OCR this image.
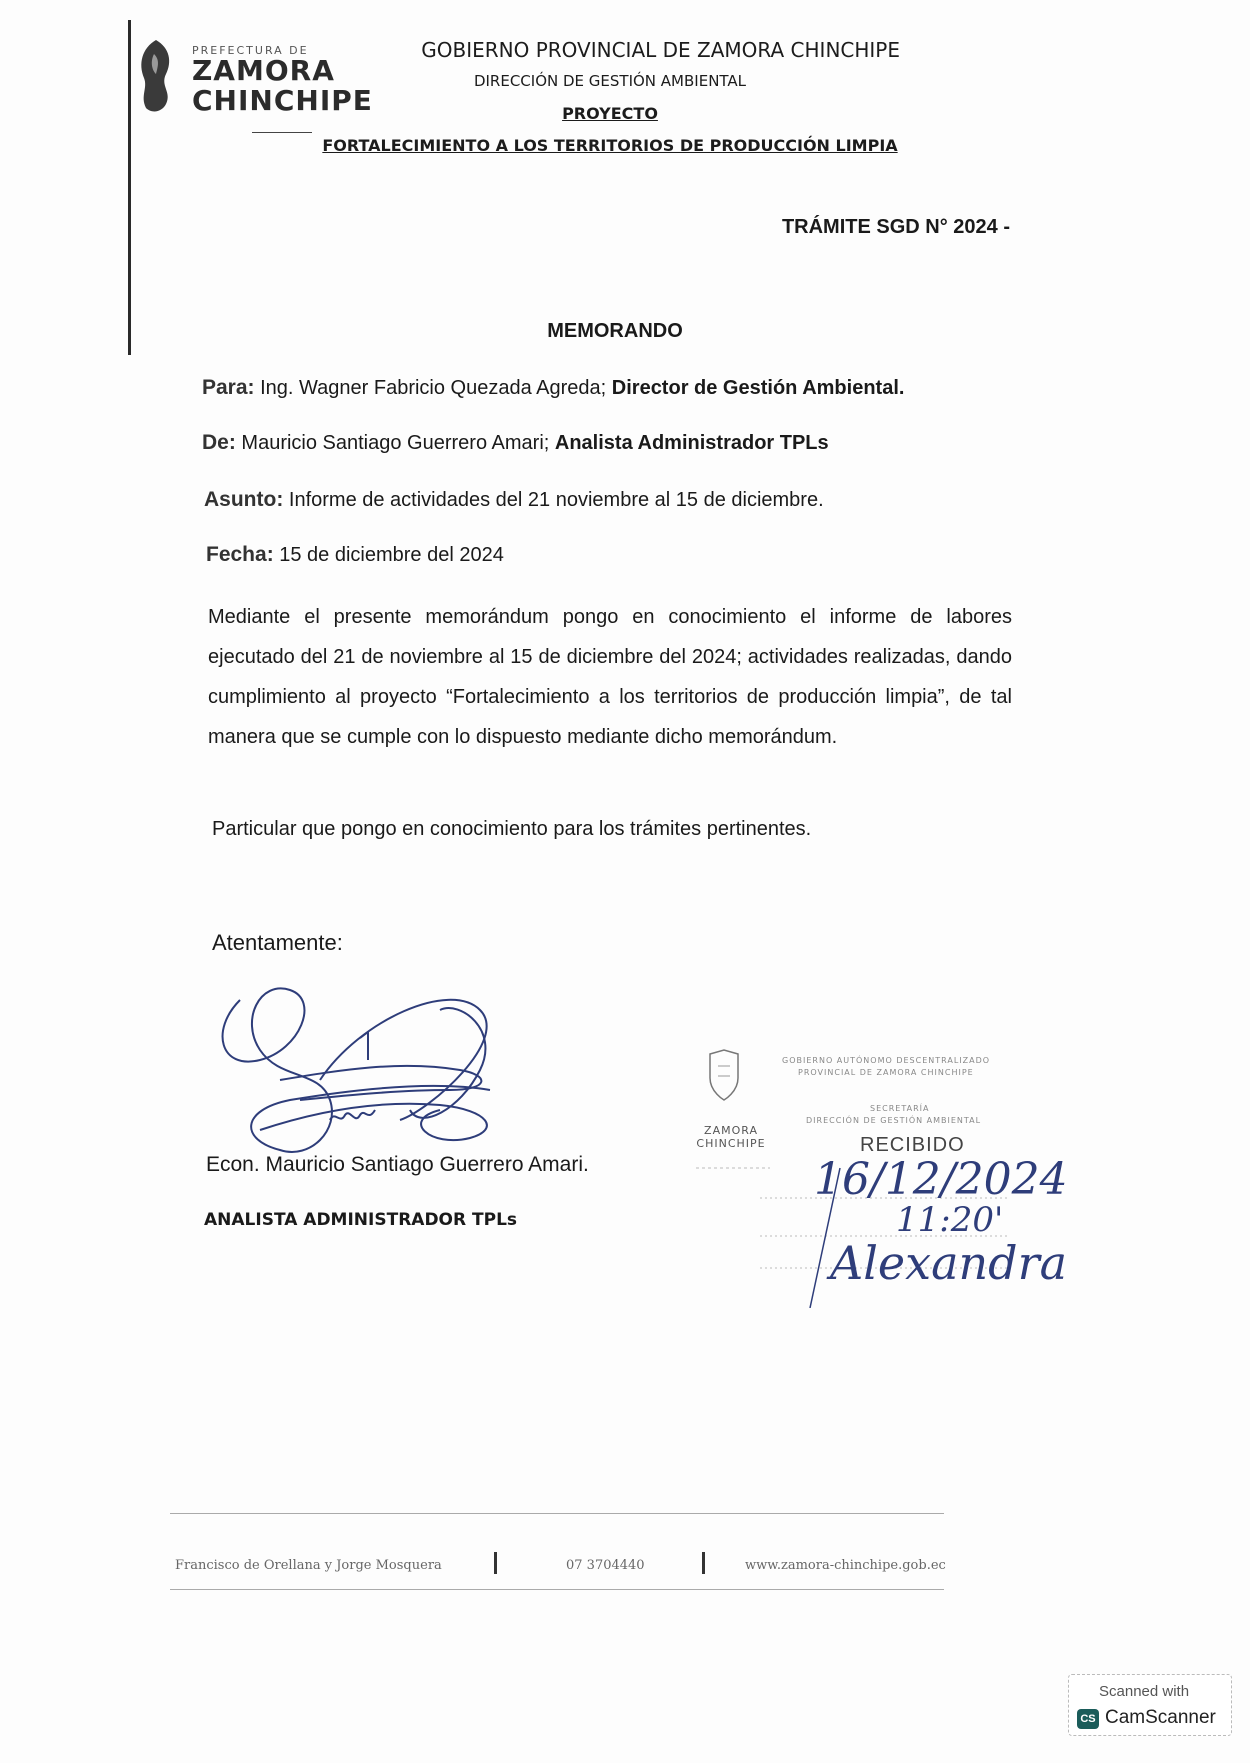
PREFECTURA DE
ZAMORA
CHINCHIPE
GOBIERNO PROVINCIAL DE ZAMORA CHINCHIPE
DIRECCIÓN DE GESTIÓN AMBIENTAL
PROYECTO
FORTALECIMIENTO A LOS TERRITORIOS DE PRODUCCIÓN LIMPIA
TRÁMITE SGD N° 2024 -
MEMORANDO
Para: Ing. Wagner Fabricio Quezada Agreda; Director de Gestión Ambiental.
De: Mauricio Santiago Guerrero Amari; Analista Administrador TPLs
Asunto: Informe de actividades del 21 noviembre al 15 de diciembre.
Fecha: 15 de diciembre del 2024

Mediante el presente memorándum pongo en conocimiento el informe de labores ejecutado del 21 de noviembre al 15 de diciembre del 2024; actividades realizadas, dando cumplimiento al proyecto “Fortalecimiento a los territorios de producción limpia”, de tal manera que se cumple con lo dispuesto mediante dicho memorándum.

Particular que pongo en conocimiento para los trámites pertinentes.

Atentamente:
Econ. Mauricio Santiago Guerrero Amari.
ANALISTA ADMINISTRADOR TPLs
ZAMORA
CHINCHIPE
GOBIERNO AUTÓNOMO DESCENTRALIZADO
PROVINCIAL DE ZAMORA CHINCHIPE
SECRETARÍA
DIRECCIÓN DE GESTIÓN AMBIENTAL
RECIBIDO
16/12/2024
11:20'
Alexandra
Francisco de Orellana y Jorge Mosquera	07 3704440	www.zamora-chinchipe.gob.ec
Scanned with
CS CamScanner
